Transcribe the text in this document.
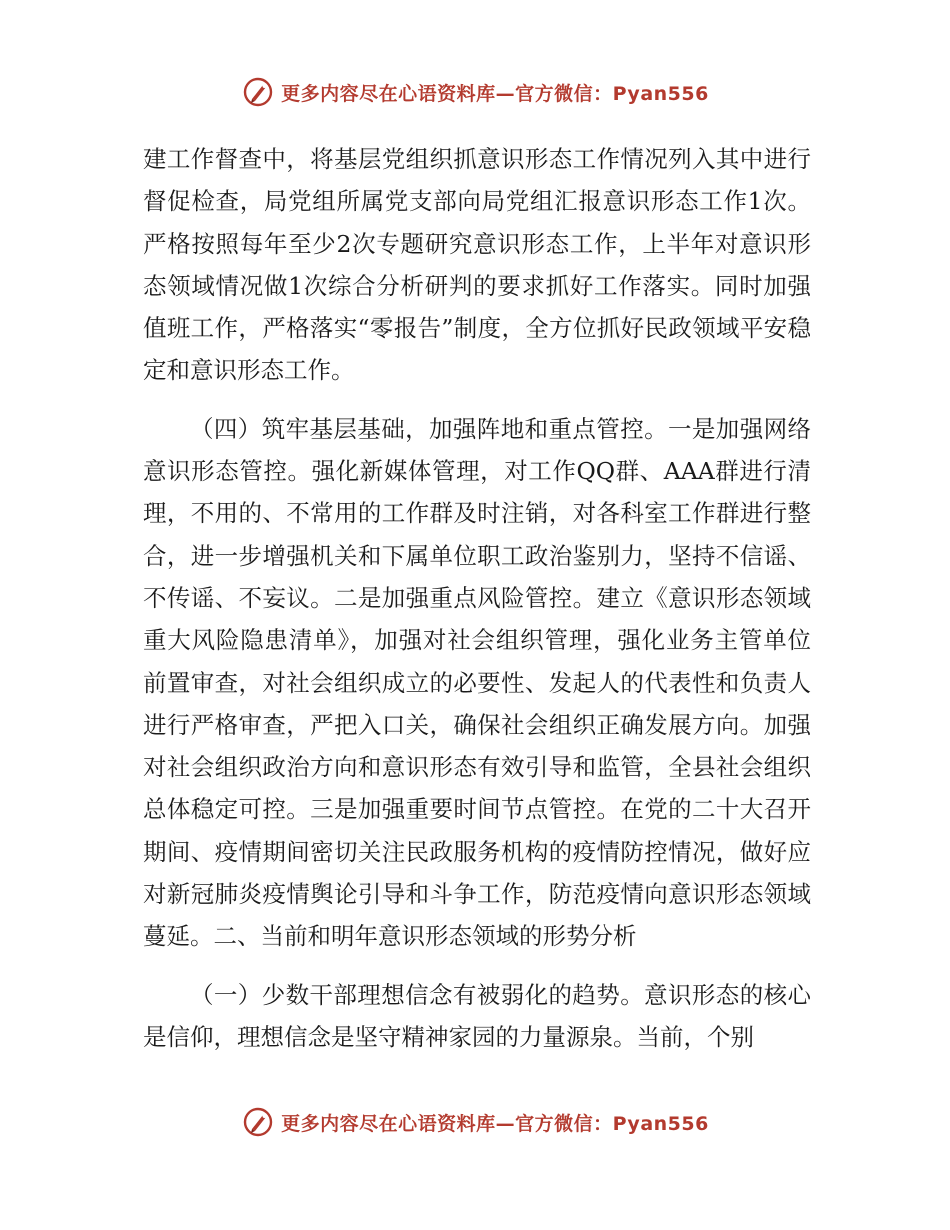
更多内容尽在心语资料库—官方微信：Pyan556

建工作督查中，将基层党组织抓意识形态工作情况列入其中进行督促检查，局党组所属党支部向局党组汇报意识形态工作1次。严格按照每年至少2次专题研究意识形态工作，上半年对意识形态领域情况做1次综合分析研判的要求抓好工作落实。同时加强值班工作，严格落实“零报告”制度，全方位抓好民政领域平安稳定和意识形态工作。

（四）筑牢基层基础，加强阵地和重点管控。一是加强网络意识形态管控。强化新媒体管理，对工作QQ群、AAA群进行清理，不用的、不常用的工作群及时注销，对各科室工作群进行整合，进一步增强机关和下属单位职工政治鉴别力，坚持不信谣、不传谣、不妄议。二是加强重点风险管控。建立《意识形态领域重大风险隐患清单》，加强对社会组织管理，强化业务主管单位前置审查，对社会组织成立的必要性、发起人的代表性和负责人进行严格审查，严把入口关，确保社会组织正确发展方向。加强对社会组织政治方向和意识形态有效引导和监管，全县社会组织总体稳定可控。三是加强重要时间节点管控。在党的二十大召开期间、疫情期间密切关注民政服务机构的疫情防控情况，做好应对新冠肺炎疫情舆论引导和斗争工作，防范疫情向意识形态领域蔓延。二、当前和明年意识形态领域的形势分析

（一）少数干部理想信念有被弱化的趋势。意识形态的核心是信仰，理想信念是坚守精神家园的力量源泉。当前，个别

更多内容尽在心语资料库—官方微信：Pyan556
